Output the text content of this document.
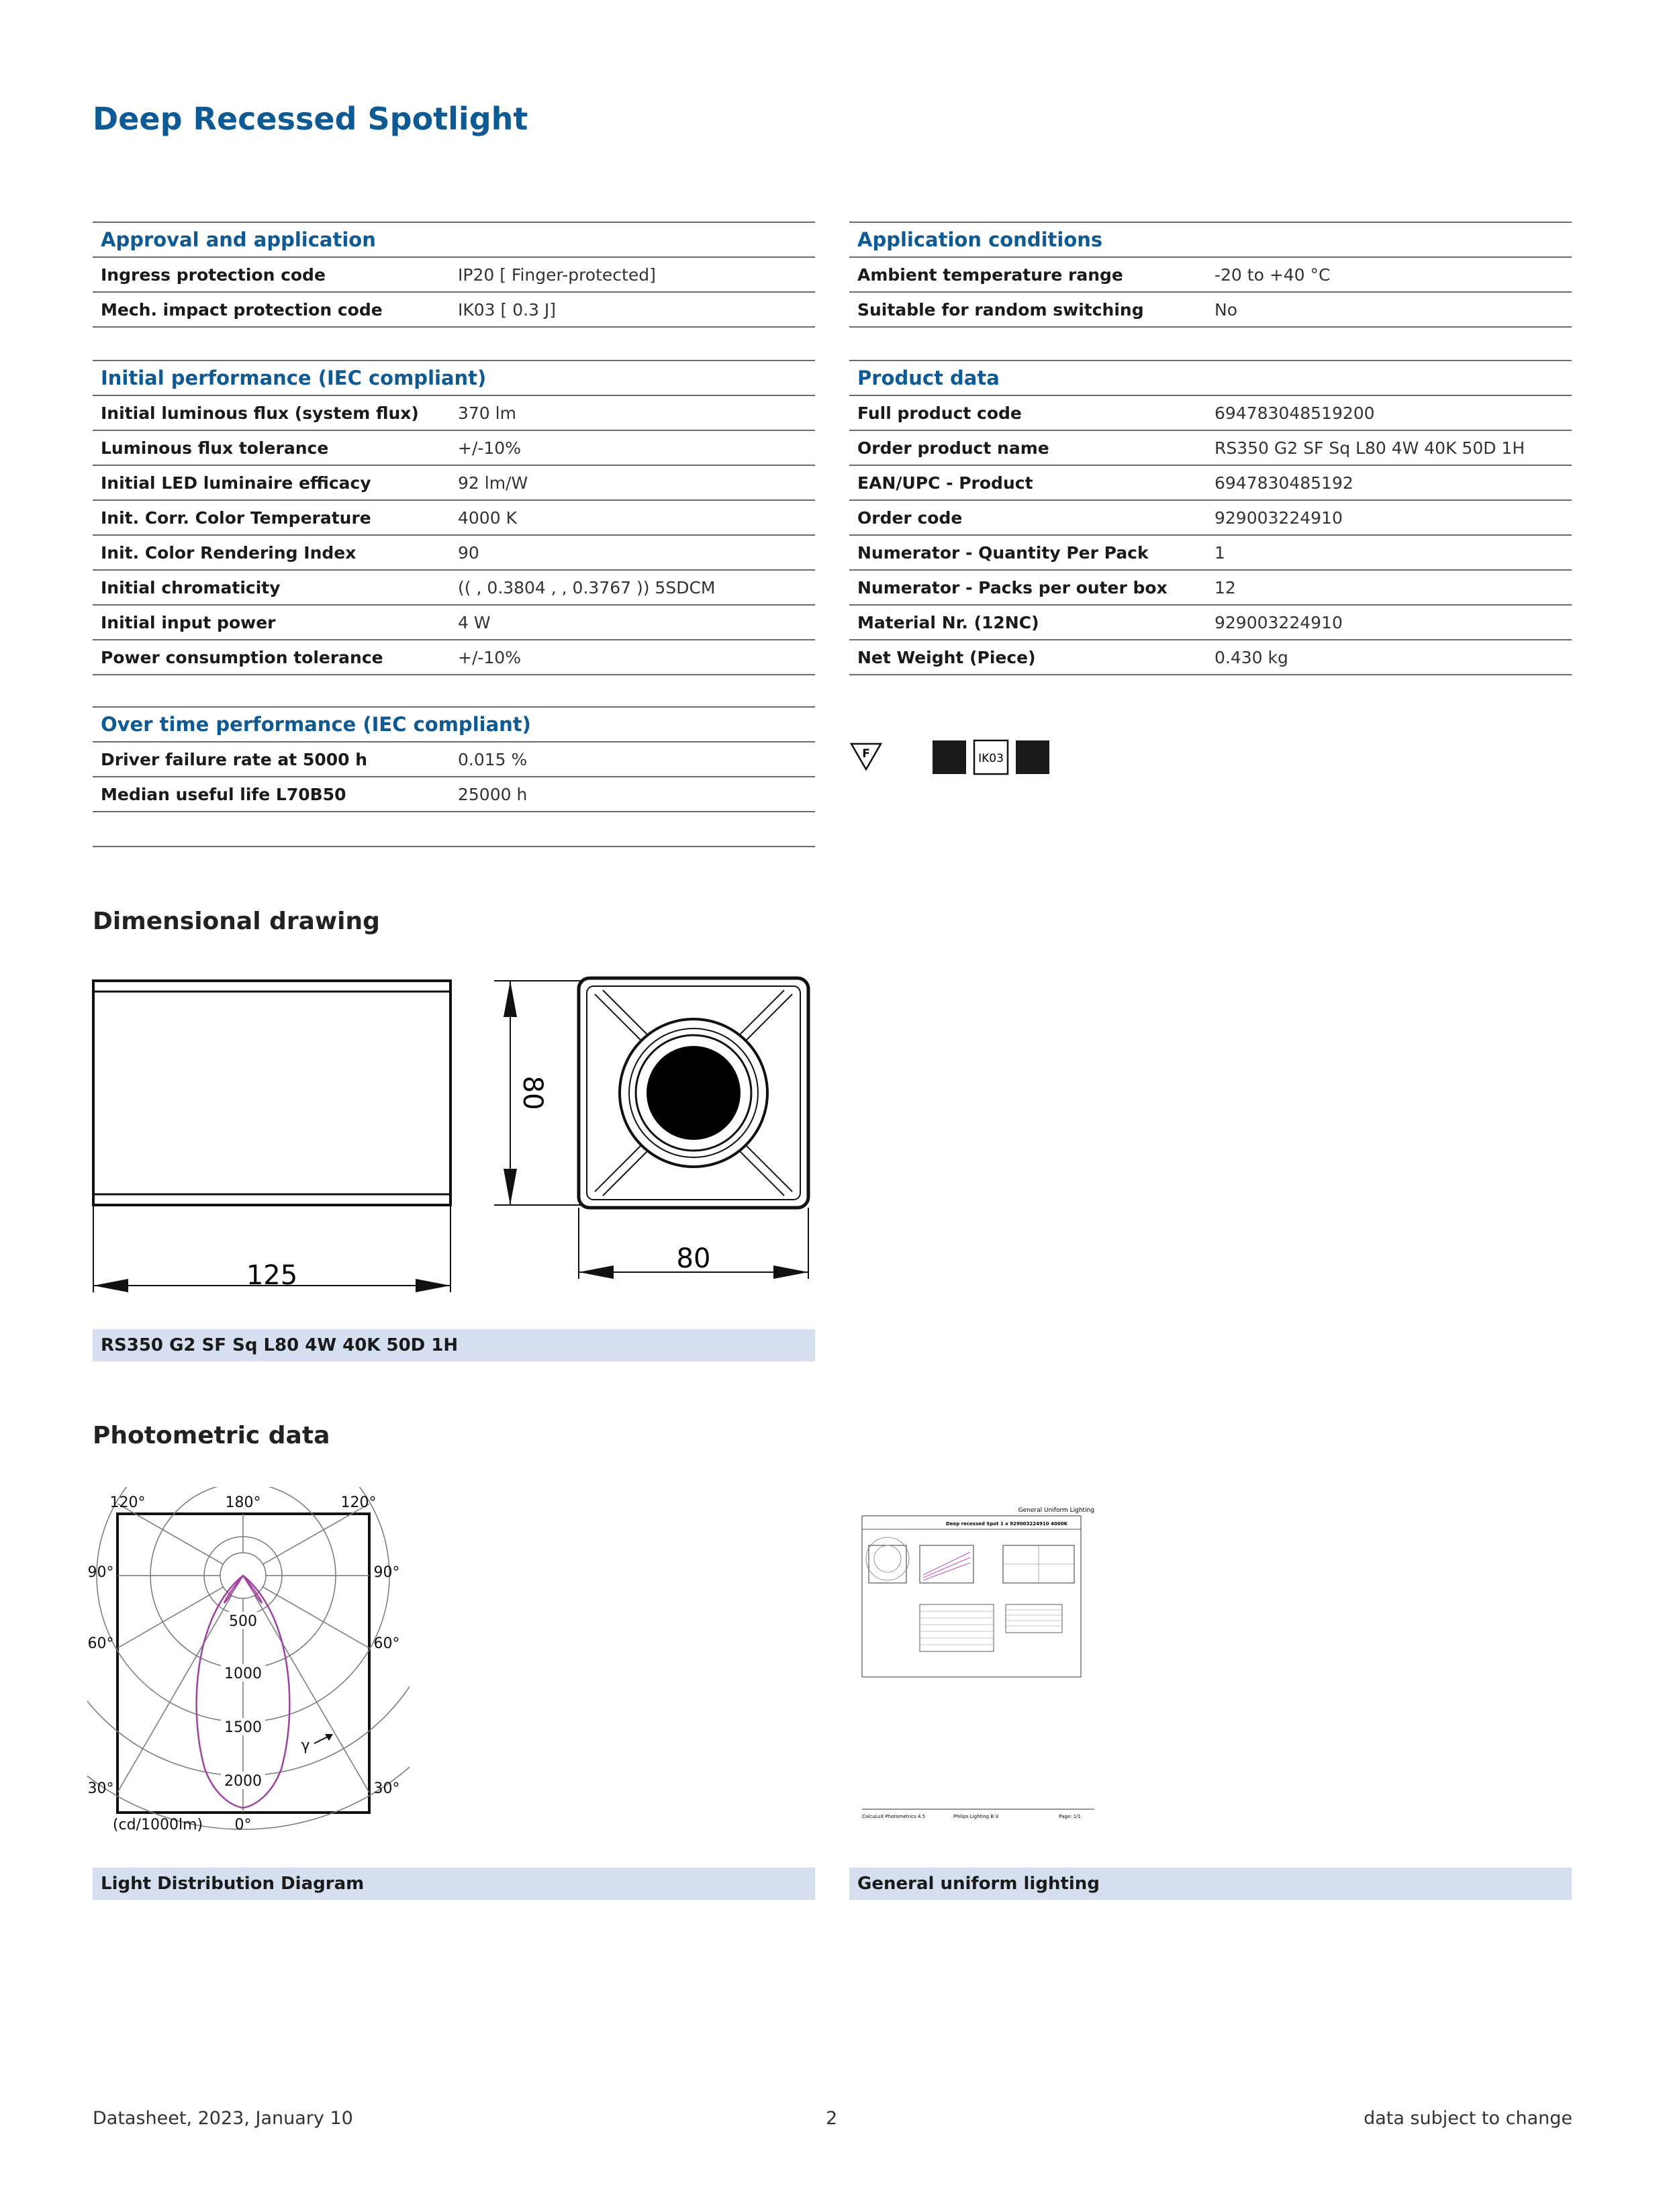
Deep Recessed Spotlight
Approval and application	
Ingress protection code	IP20 [ Finger-protected]
Mech. impact protection code	IK03 [ 0.3 J]
Initial performance (IEC compliant)	
Initial luminous flux (system flux)	370 lm
Luminous flux tolerance	+/-10%
Initial LED luminaire efficacy	92 lm/W
Init. Corr. Color Temperature	4000 K
Init. Color Rendering Index	90
Initial chromaticity	(( , 0.3804 , , 0.3767 )) 5SDCM
Initial input power	4 W
Power consumption tolerance	+/-10%
Over time performance (IEC compliant)	
Driver failure rate at 5000 h	0.015 %
Median useful life L70B50	25000 h

Application conditions	
Ambient temperature range	-20 to +40 °C
Suitable for random switching	No
Product data	
Full product code	694783048519200
Order product name	RS350 G2 SF Sq L80 4W 40K 50D 1H
EAN/UPC - Product	6947830485192
Order code	929003224910
Numerator - Quantity Per Pack	1
Numerator - Packs per outer box	12
Material Nr. (12NC)	929003224910
Net Weight (Piece)	0.430 kg
F	IK03
Dimensional drawing
125
80
80
RS350 G2 SF Sq L80 4W 40K 50D 1H
Photometric data
500
1000
1500
2000
120°	180°	120°
90°	90°
60°	60°
30°	30°
0°
(cd/1000lm)
γ
General Uniform Lighting
Deep recessed Spot 1 x 929003224910 4000K
CalcuLuX Photometrics 4.5	Philips Lighting B.V.	Page: 1/1
Light Distribution Diagram	General uniform lighting
Datasheet, 2023, January 10	2	data subject to change
